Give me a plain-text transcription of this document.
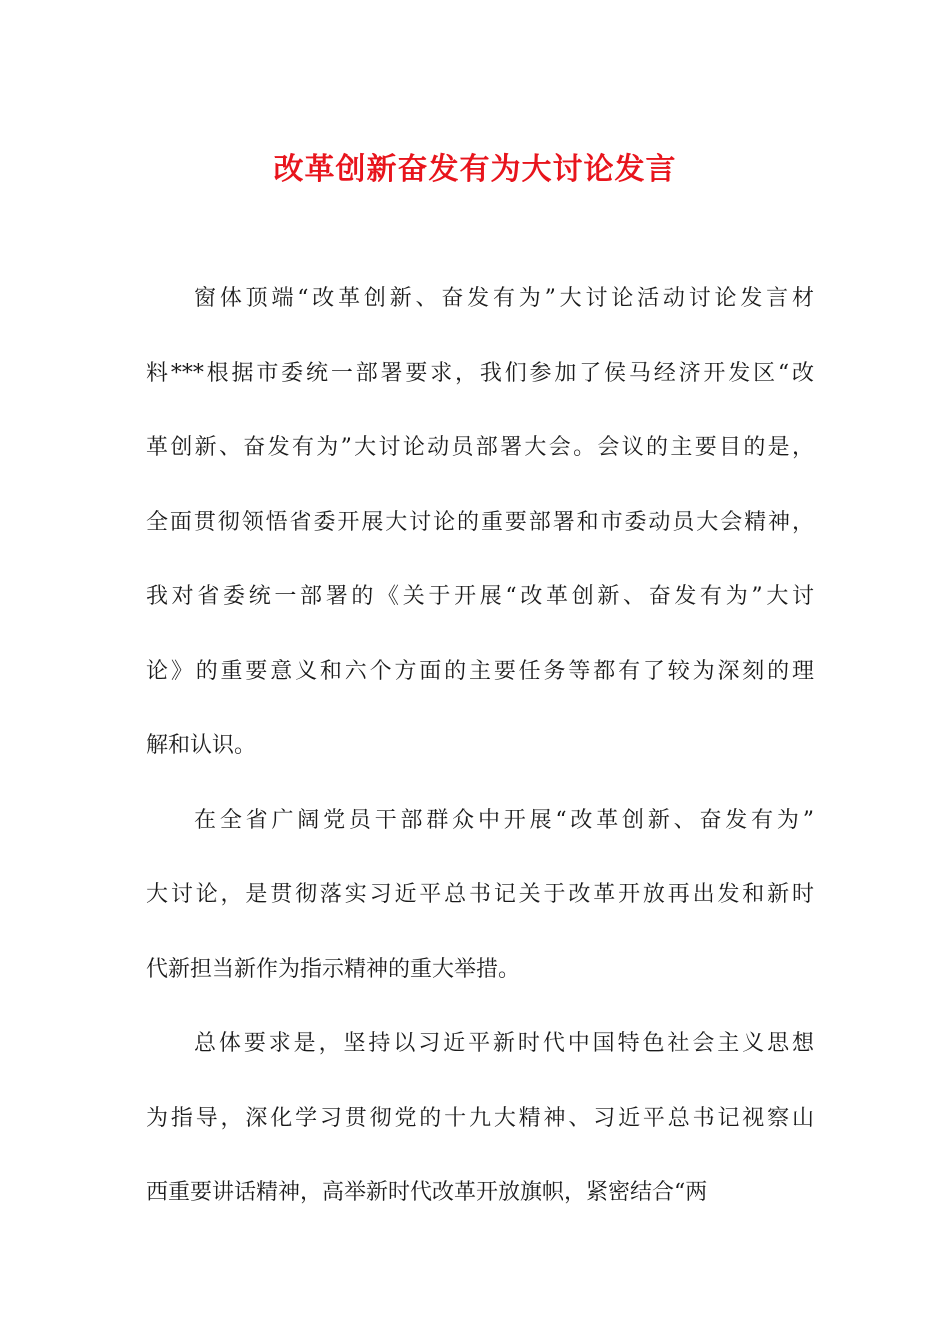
改革创新奋发有为大讨论发言
窗体顶端“改革创新、奋发有为”大讨论活动讨论发言材
料***根据市委统一部署要求，我们参加了侯马经济开发区“改
革创新、奋发有为”大讨论动员部署大会。会议的主要目的是，
全面贯彻领悟省委开展大讨论的重要部署和市委动员大会精神，
我对省委统一部署的《关于开展“改革创新、奋发有为”大讨
论》的重要意义和六个方面的主要任务等都有了较为深刻的理
解和认识。
在全省广阔党员干部群众中开展“改革创新、奋发有为”
大讨论，是贯彻落实习近平总书记关于改革开放再出发和新时
代新担当新作为指示精神的重大举措。
总体要求是，坚持以习近平新时代中国特色社会主义思想
为指导，深化学习贯彻党的十九大精神、习近平总书记视察山
西重要讲话精神，高举新时代改革开放旗帜，紧密结合“两
